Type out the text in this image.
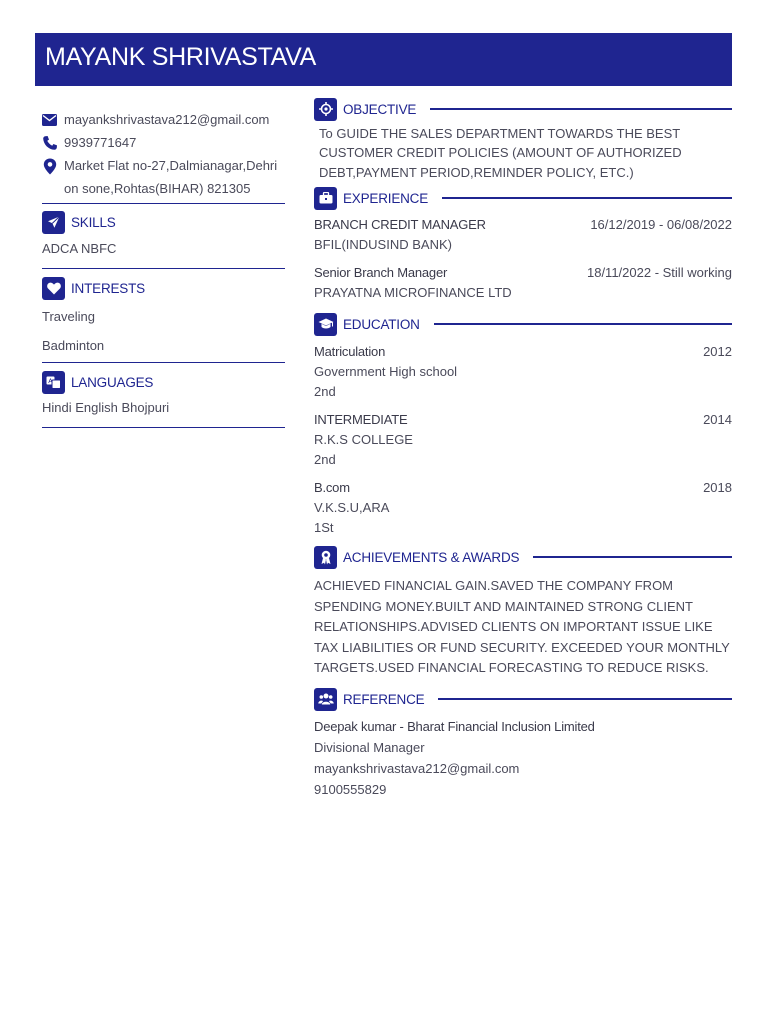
MAYANK SHRIVASTAVA
mayankshrivastava212@gmail.com
9939771647
Market Flat no-27,Dalmianagar,Dehri
on sone,Rohtas(BIHAR) 821305
SKILLS
ADCA NBFC
INTERESTS
Traveling
Badminton
A LANGUAGES
Hindi English Bhojpuri
OBJECTIVE
To GUIDE THE SALES DEPARTMENT TOWARDS THE BEST CUSTOMER CREDIT POLICIES (AMOUNT OF AUTHORIZED DEBT,PAYMENT PERIOD,REMINDER POLICY, ETC.)
EXPERIENCE
BRANCH CREDIT MANAGER	16/12/2019 - 06/08/2022
BFIL(INDUSIND BANK)
Senior Branch Manager	18/11/2022 - Still working
PRAYATNA MICROFINANCE LTD
EDUCATION
Matriculation	2012
Government High school
2nd
INTERMEDIATE	2014
R.K.S COLLEGE
2nd
B.com	2018
V.K.S.U,ARA
1St
ACHIEVEMENTS & AWARDS
ACHIEVED FINANCIAL GAIN.SAVED THE COMPANY FROM SPENDING MONEY.BUILT AND MAINTAINED STRONG CLIENT RELATIONSHIPS.ADVISED CLIENTS ON IMPORTANT ISSUE LIKE TAX LIABILITIES OR FUND SECURITY. EXCEEDED YOUR MONTHLY TARGETS.USED FINANCIAL FORECASTING TO REDUCE RISKS.
REFERENCE
Deepak kumar - Bharat Financial Inclusion Limited
Divisional Manager
mayankshrivastava212@gmail.com
9100555829
